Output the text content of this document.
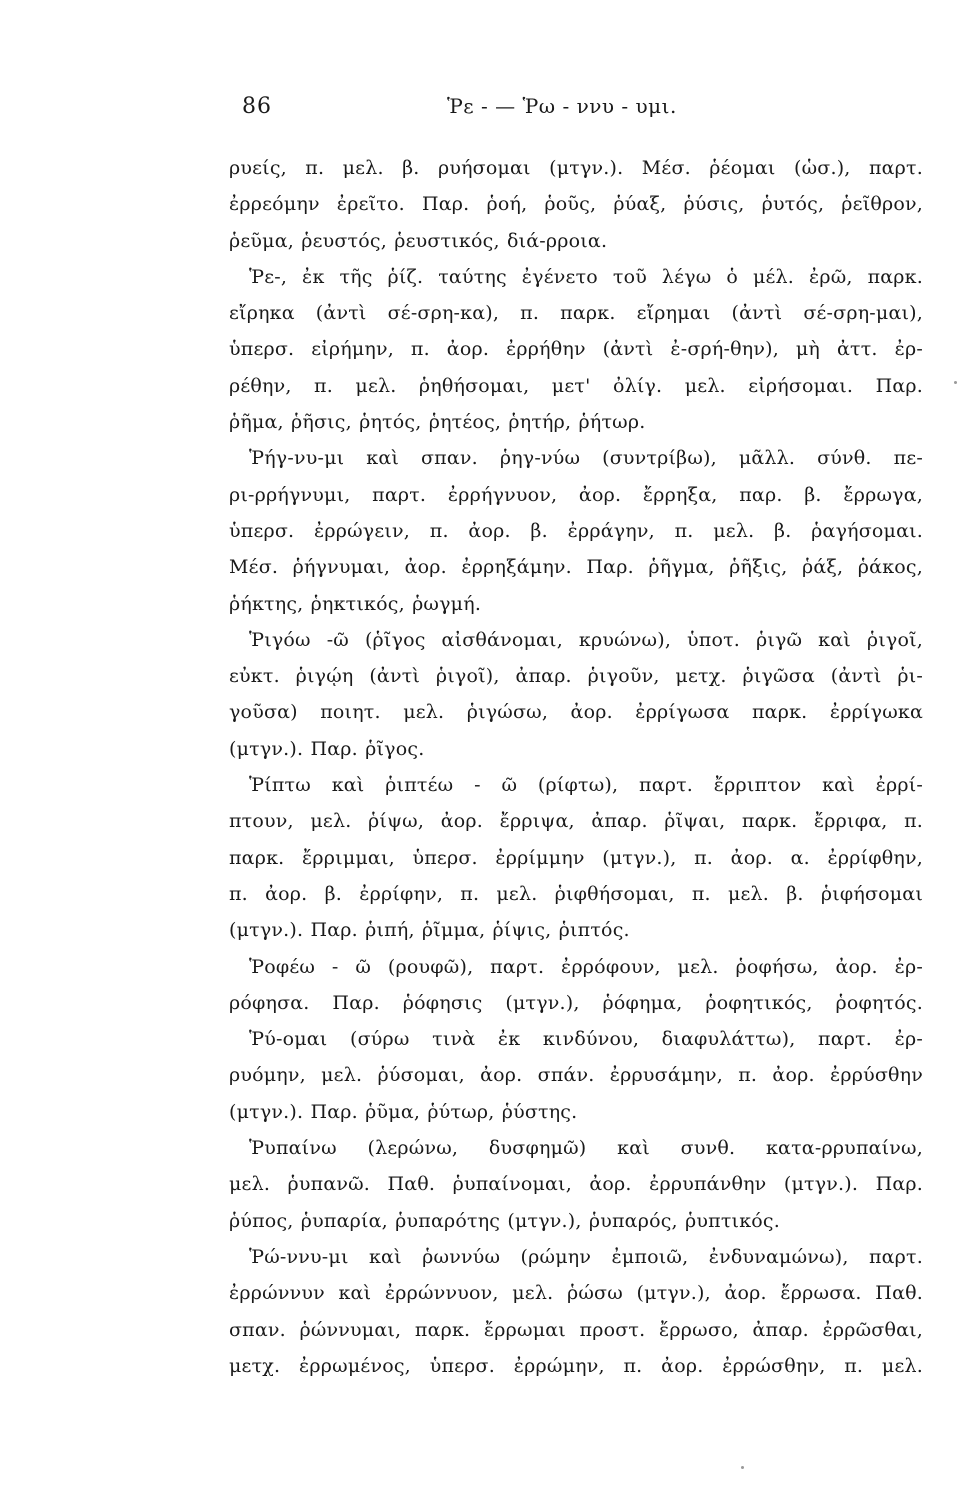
86	Ῥε - — Ῥω - ννυ - υμι.
ρυείς, π. μελ. β. ρυήσομαι (μτγν.). Μέσ. ῥέομαι (ὡσ.), παρτ.
ἐρρεόμην ἐρεῖτο. Παρ. ῥοή, ῥοῦς, ῥύαξ, ῥύσις, ῥυτός, ῥεῖθρον,
ῥεῦμα, ῥευστός, ῥευστικός, διά-ρροια.
Ῥε-, ἐκ τῆς ῥίζ. ταύτης ἐγένετο τοῦ λέγω ὁ μέλ. ἐρῶ, παρκ.
εἴρηκα (ἀντὶ σέ-σρη-κα), π. παρκ. εἴρημαι (ἀντὶ σέ-σρη-μαι),
ὑπερσ. εἰρήμην, π. ἀορ. ἐρρήθην (ἀντὶ ἐ-σρή-θην), μὴ ἀττ. ἐρ-
ρέθην, π. μελ. ῥηθήσομαι, μετ' ὀλίγ. μελ. εἰρήσομαι. Παρ.
ῥῆμα, ῥῆσις, ῥητός, ῥητέος, ῥητήρ, ῥήτωρ.
Ῥήγ-νυ-μι καὶ σπαν. ῥηγ-νύω (συντρίβω), μᾶλλ. σύνθ. πε-
ρι-ρρήγνυμι, παρτ. ἐρρήγνυον, ἀορ. ἔρρηξα, παρ. β. ἔρρωγα,
ὑπερσ. ἐρρώγειν, π. ἀορ. β. ἐρράγην, π. μελ. β. ῥαγήσομαι.
Μέσ. ῥήγνυμαι, ἀορ. ἐρρηξάμην. Παρ. ῥῆγμα, ῥῆξις, ῥάξ, ῥάκος,
ῥήκτης, ῥηκτικός, ῥωγμή.
Ῥιγόω -ῶ (ῥῖγος αἰσθάνομαι, κρυώνω), ὑποτ. ῥιγῶ καὶ ῥιγοῖ,
εὐκτ. ῥιγῴη (ἀντὶ ῥιγοῖ), ἀπαρ. ῥιγοῦν, μετχ. ῥιγῶσα (ἀντὶ ῥι-
γοῦσα) ποιητ. μελ. ῥιγώσω, ἀορ. ἐρρίγωσα παρκ. ἐρρίγωκα
(μτγν.). Παρ. ῥῖγος.
Ῥίπτω καὶ ῥιπτέω - ῶ (ρίφτω), παρτ. ἔρριπτον καὶ ἐρρί-
πτουν, μελ. ῥίψω, ἀορ. ἔρριψα, ἀπαρ. ῥῖψαι, παρκ. ἔρριφα, π.
παρκ. ἔρριμμαι, ὑπερσ. ἐρρίμμην (μτγν.), π. ἀορ. α. ἐρρίφθην,
π. ἀορ. β. ἐρρίφην, π. μελ. ῥιφθήσομαι, π. μελ. β. ῥιφήσομαι
(μτγν.). Παρ. ῥιπή, ῥῖμμα, ῥίψις, ῥιπτός.
Ῥοφέω - ῶ (ρουφῶ), παρτ. ἐρρόφουν, μελ. ῥοφήσω, ἀορ. ἐρ-
ρόφησα. Παρ. ῥόφησις (μτγν.), ῥόφημα, ῥοφητικός, ῥοφητός.
Ῥύ-ομαι (σύρω τινὰ ἐκ κινδύνου, διαφυλάττω), παρτ. ἐρ-
ρυόμην, μελ. ῥύσομαι, ἀορ. σπάν. ἐρρυσάμην, π. ἀορ. ἐρρύσθην
(μτγν.). Παρ. ῥῦμα, ῥύτωρ, ῥύστης.
Ῥυπαίνω (λερώνω, δυσφημῶ) καὶ συνθ. κατα-ρρυπαίνω,
μελ. ῥυπανῶ. Παθ. ῥυπαίνομαι, ἀορ. ἐρρυπάνθην (μτγν.). Παρ.
ῥύπος, ῥυπαρία, ῥυπαρότης (μτγν.), ῥυπαρός, ῥυπτικός.
Ῥώ-ννυ-μι καὶ ῥωννύω (ρώμην ἐμποιῶ, ἐνδυναμώνω), παρτ.
ἐρρώννυν καὶ ἐρρώννυον, μελ. ῥώσω (μτγν.), ἀορ. ἔρρωσα. Παθ.
σπαν. ῥώννυμαι, παρκ. ἔρρωμαι προστ. ἔρρωσο, ἀπαρ. ἐρρῶσθαι,
μετχ. ἐρρωμένος, ὑπερσ. ἐρρώμην, π. ἀορ. ἐρρώσθην, π. μελ.
